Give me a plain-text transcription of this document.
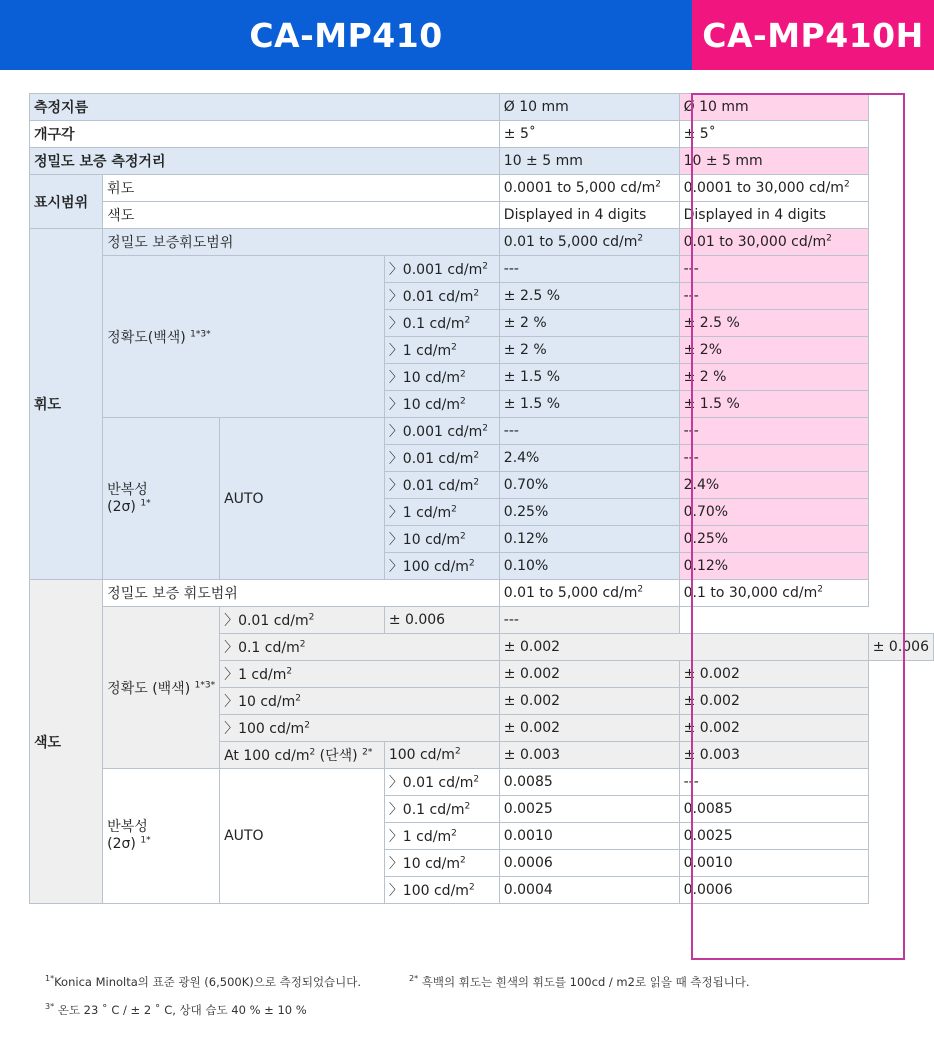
CA-MP410	CA-MP410H
측정지름				Ø 10 mm	Ø 10 mm	
개구각				± 5˚	± 5˚	
정밀도 보증 측정거리				10 ± 5 mm	10 ± 5 mm	
표시범위	휘도			0.0001 to 5,000 $cd/m^2$	0.0001 to 30,000 $cd/m^2$
	색도			Displayed in 4 digits	Displayed in 4 digits	
휘도	정밀도 보증휘도범위			0.01 to 5,000 $cd/m^2$	0.01 to 30,000 $cd/m^2$
	정확도(백색) $^{1*3*}$		〉0.001 $cd/m^2$	---	---	
			〉0.01 $cd/m^2$	± 2.5 %	---	
			〉0.1 $cd/m^2$	± 2 %	± 2.5 %	
			〉1 $cd/m^2$	± 2 %	± 2%	
			〉10 $cd/m^2$	± 1.5 %	± 2 %	
			〉10 $cd/m^2$	± 1.5 %	± 1.5 %	
	반복성
(2σ) $^{1*}$	AUTO	〉0.001 $cd/m^2$	---	---	
			〉0.01 $cd/m^2$	2.4%	---	
			〉0.01 $cd/m^2$	0.70%	2.4%	
			〉1 $cd/m^2$	0.25%	0.70%	
			〉10 $cd/m^2$	0.12%	0.25%	
			〉100 $cd/m^2$	0.10%	0.12%	
색도	정밀도 보증 휘도범위			0.01 to 5,000 $cd/m^2$	0.1 to 30,000 $cd/m^2$
	정확도 (백색) $^{1*3*}$	〉0.01 $cd/m^2$	± 0.006	---		
		〉0.1 $cd/m^2$		± 0.002		± 0.006
		〉1 $cd/m^2$		± 0.002	± 0.002	
		〉10 $cd/m^2$		± 0.002	± 0.002	
		〉100 $cd/m^2$		± 0.002	± 0.002	
		At 100 $cd/m^2$ (단색) $^{2*}$	100 $cd/m^2$	± 0.003	± 0.003	
	반복성
(2σ) $^{1*}$	AUTO	〉0.01 $cd/m^2$	0.0085	---	
			〉0.1 $cd/m^2$	0.0025	0.0085	
			〉1 $cd/m^2$	0.0010	0.0025	
			〉10 $cd/m^2$	0.0006	0.0010	
			〉100 $cd/m^2$	0.0004	0.0006	
$^{1*}$Konica Minolta의 표준 광원 (6,500K)으로 측정되었습니다.	$^{2*}$ 흑백의 휘도는 흰색의 휘도를 100cd / m2로 읽을 때 측정됩니다.
$^{3*}$ 온도 23 ˚ C / ± 2 ˚ C, 상대 습도 40 % ± 10 %
